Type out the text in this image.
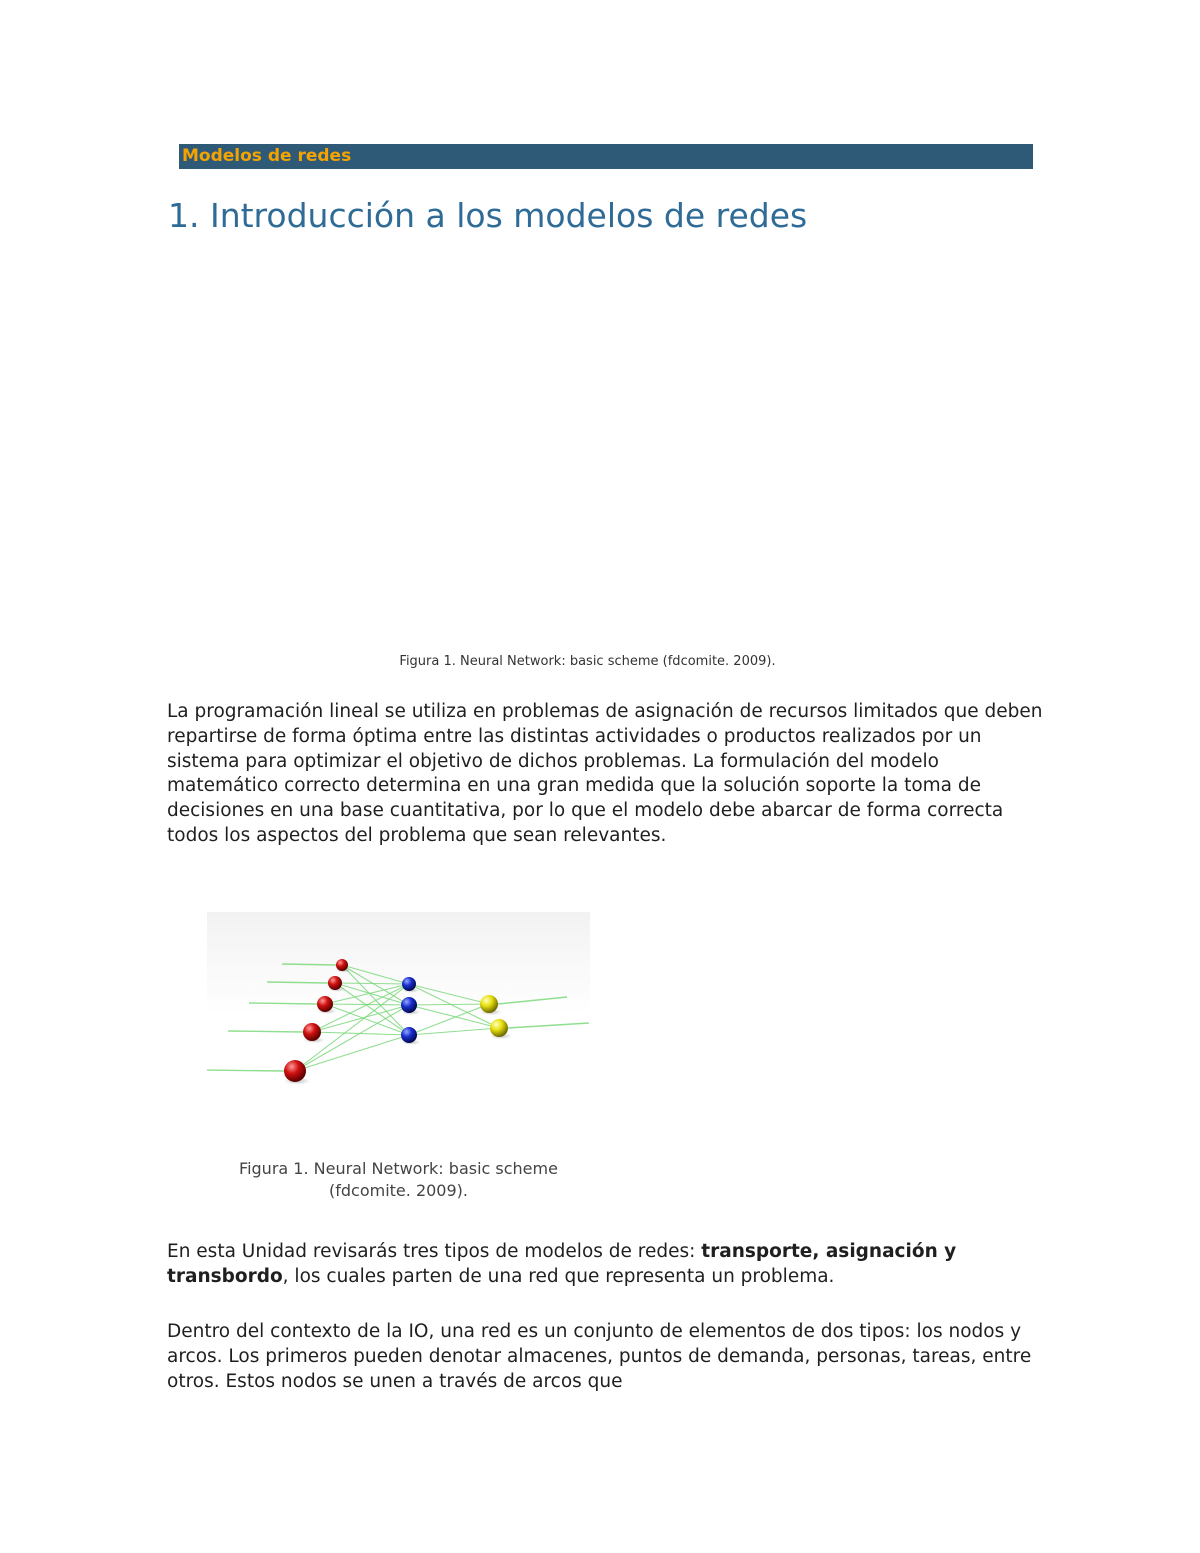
Modelos de redes
1. Introducción a los modelos de redes
Figura 1. Neural Network: basic scheme (fdcomite. 2009).

La programación lineal se utiliza en problemas de asignación de recursos limitados que deben repartirse de forma óptima entre las distintas actividades o productos realizados por un sistema para optimizar el objetivo de dichos problemas. La formulación del modelo matemático correcto determina en una gran medida que la solución soporte la toma de decisiones en una base cuantitativa, por lo que el modelo debe abarcar de forma correcta todos los aspectos del problema que sean relevantes.

Figura 1. Neural Network: basic scheme
(fdcomite. 2009).

En esta Unidad revisarás tres tipos de modelos de redes: transporte, asignación y transbordo, los cuales parten de una red que representa un problema.

Dentro del contexto de la IO, una red es un conjunto de elementos de dos tipos: los nodos y arcos. Los primeros pueden denotar almacenes, puntos de demanda, personas, tareas, entre otros. Estos nodos se unen a través de arcos que
